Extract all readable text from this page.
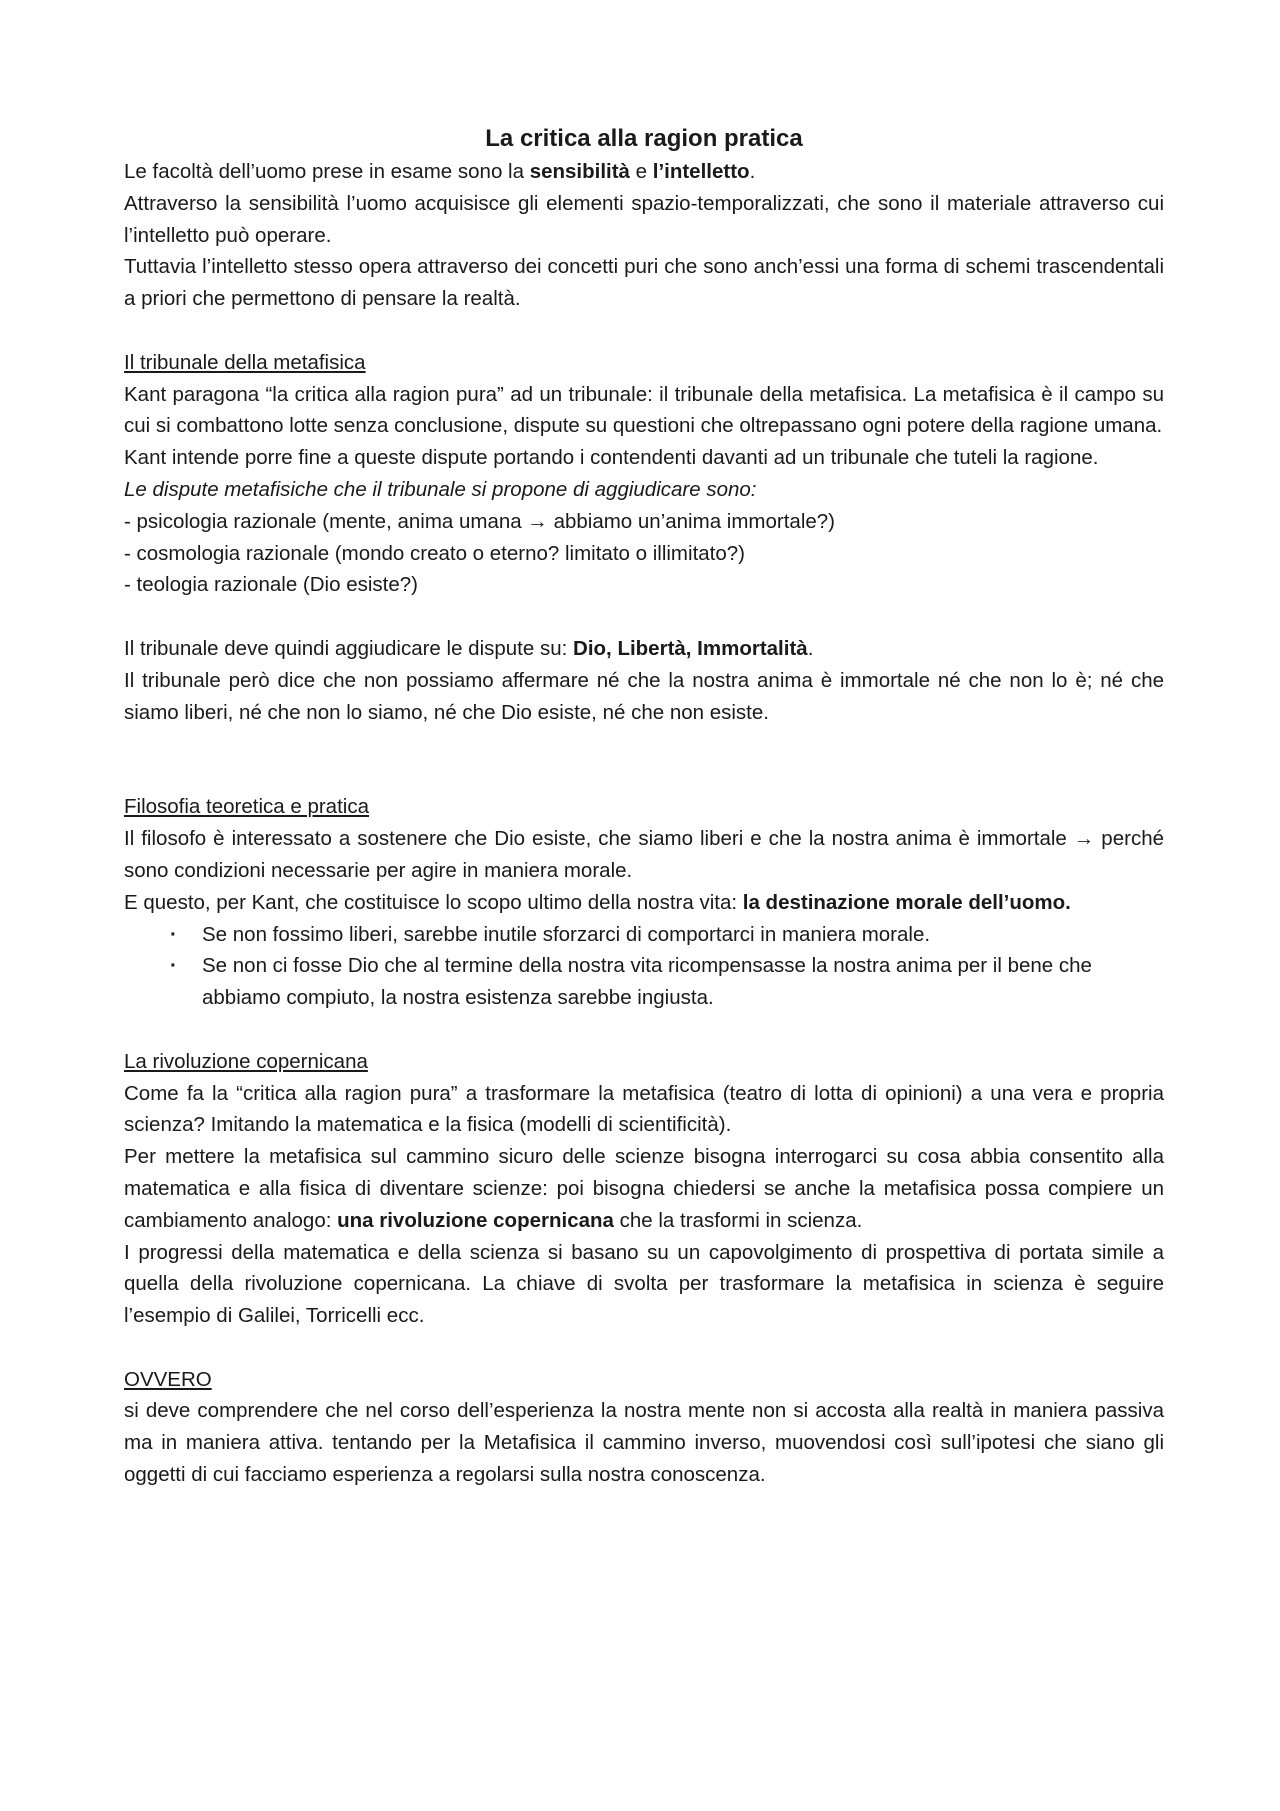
La critica alla ragion pratica

Le facoltà dell’uomo prese in esame sono la sensibilità e l’intelletto.

Attraverso la sensibilità l’uomo acquisisce gli elementi spazio-temporalizzati, che sono il materiale attraverso cui l’intelletto può operare.

Tuttavia l’intelletto stesso opera attraverso dei concetti puri che sono anch’essi una forma di schemi trascendentali a priori che permettono di pensare la realtà.

Il tribunale della metafisica

Kant paragona “la critica alla ragion pura” ad un tribunale: il tribunale della metafisica. La metafisica è il campo su cui si combattono lotte senza conclusione, dispute su questioni che oltrepassano ogni potere della ragione umana.

Kant intende porre fine a queste dispute portando i contendenti davanti ad un tribunale che tuteli la ragione.

Le dispute metafisiche che il tribunale si propone di aggiudicare sono:

- psicologia razionale (mente, anima umana → abbiamo un’anima immortale?)

- cosmologia razionale (mondo creato o eterno? limitato o illimitato?)

- teologia razionale (Dio esiste?)

Il tribunale deve quindi aggiudicare le dispute su: Dio, Libertà, Immortalità.

Il tribunale però dice che non possiamo affermare né che la nostra anima è immortale né che non lo è; né che siamo liberi, né che non lo siamo, né che Dio esiste, né che non esiste.

Filosofia teoretica e pratica

Il filosofo è interessato a sostenere che Dio esiste, che siamo liberi e che la nostra anima è immortale → perché sono condizioni necessarie per agire in maniera morale.

E questo, per Kant, che costituisce lo scopo ultimo della nostra vita: la destinazione morale dell’uomo.

· Se non fossimo liberi, sarebbe inutile sforzarci di comportarci in maniera morale.
· Se non ci fosse Dio che al termine della nostra vita ricompensasse la nostra anima per il bene che abbiamo compiuto, la nostra esistenza sarebbe ingiusta.

La rivoluzione copernicana

Come fa la “critica alla ragion pura” a trasformare la metafisica (teatro di lotta di opinioni) a una vera e propria scienza? Imitando la matematica e la fisica (modelli di scientificità).

Per mettere la metafisica sul cammino sicuro delle scienze bisogna interrogarci su cosa abbia consentito alla matematica e alla fisica di diventare scienze: poi bisogna chiedersi se anche la metafisica possa compiere un cambiamento analogo: una rivoluzione copernicana che la trasformi in scienza.

I progressi della matematica e della scienza si basano su un capovolgimento di prospettiva di portata simile a quella della rivoluzione copernicana. La chiave di svolta per trasformare la metafisica in scienza è seguire l’esempio di Galilei, Torricelli ecc.

OVVERO

si deve comprendere che nel corso dell’esperienza la nostra mente non si accosta alla realtà in maniera passiva ma in maniera attiva. tentando per la Metafisica il cammino inverso, muovendosi così sull’ipotesi che siano gli oggetti di cui facciamo esperienza a regolarsi sulla nostra conoscenza.
